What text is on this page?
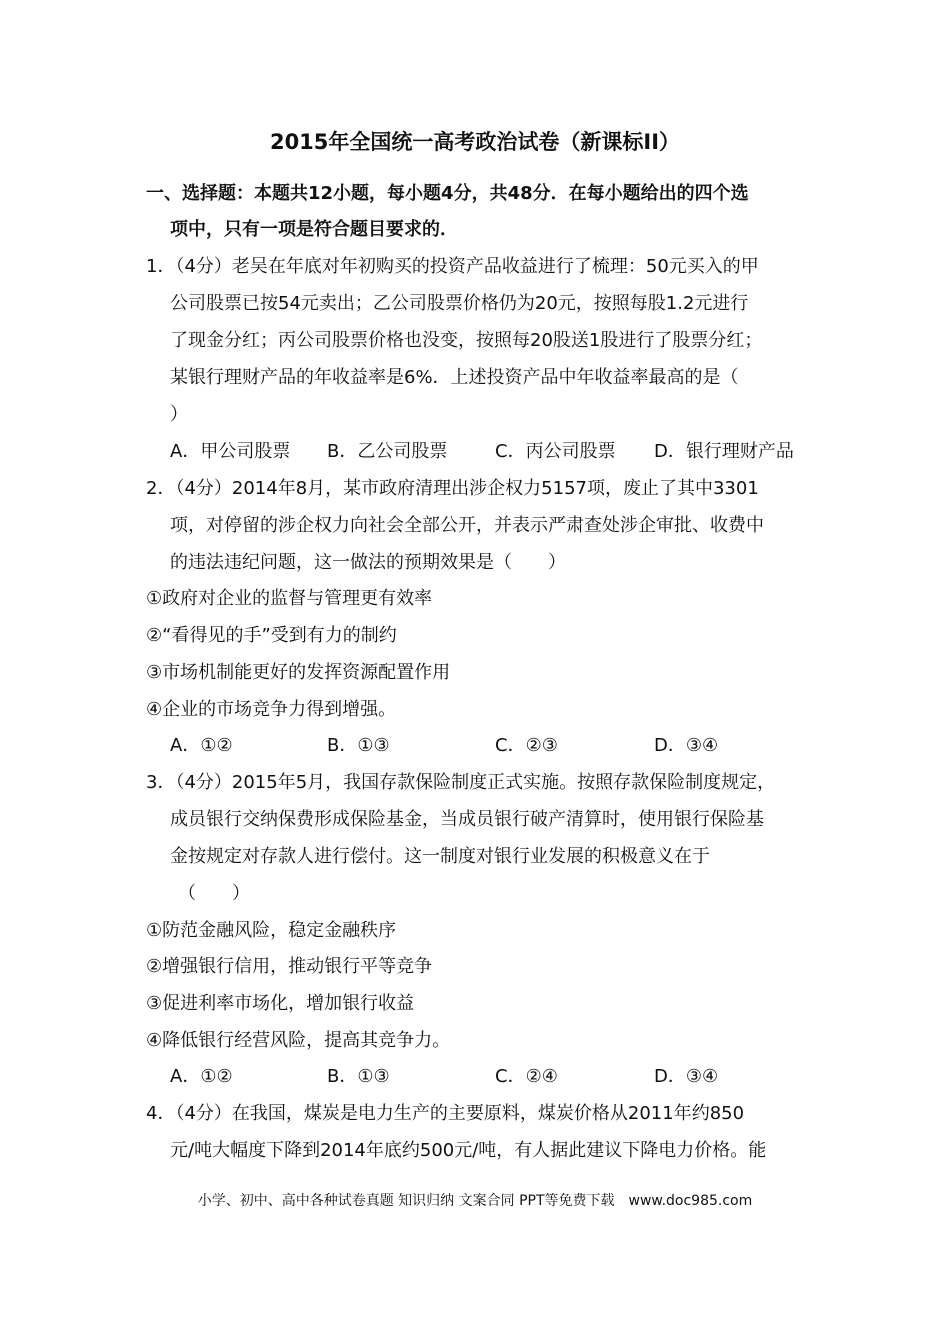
2015年全国统一高考政治试卷（新课标II）
一、选择题：本题共12小题，每小题4分，共48分．在每小题给出的四个选
项中，只有一项是符合题目要求的．
1．（4分）老吴在年底对年初购买的投资产品收益进行了梳理：50元买入的甲
公司股票已按54元卖出；乙公司股票价格仍为20元，按照每股1.2元进行
了现金分红；丙公司股票价格也没变，按照每20股送1股进行了股票分红；
某银行理财产品的年收益率是6%．上述投资产品中年收益率最高的是（
）
A．甲公司股票 B．乙公司股票	C．丙公司股票 D．银行理财产品
2．（4分）2014年8月，某市政府清理出涉企权力5157项，废止了其中3301
项，对停留的涉企权力向社会全部公开，并表示严肃查处涉企审批、收费中
的违法违纪问题，这一做法的预期效果是（　　）
①政府对企业的监督与管理更有效率
②“看得见的手”受到有力的制约
③市场机制能更好的发挥资源配置作用
④企业的市场竞争力得到增强。
A．①②	B．①③	C．②③	D．③④
3．（4分）2015年5月，我国存款保险制度正式实施。按照存款保险制度规定，
成员银行交纳保费形成保险基金，当成员银行破产清算时，使用银行保险基
金按规定对存款人进行偿付。这一制度对银行业发展的积极意义在于
（　　）
①防范金融风险，稳定金融秩序
②增强银行信用，推动银行平等竞争
③促进利率市场化，增加银行收益
④降低银行经营风险，提高其竞争力。
A．①②	B．①③	C．②④	D．③④
4．（4分）在我国，煤炭是电力生产的主要原料，煤炭价格从2011年约850
元/吨大幅度下降到2014年底约500元/吨，有人据此建议下降电力价格。能
小学、初中、高中各种试卷真题 知识归纳 文案合同 PPT等免费下载　www.doc985.com
